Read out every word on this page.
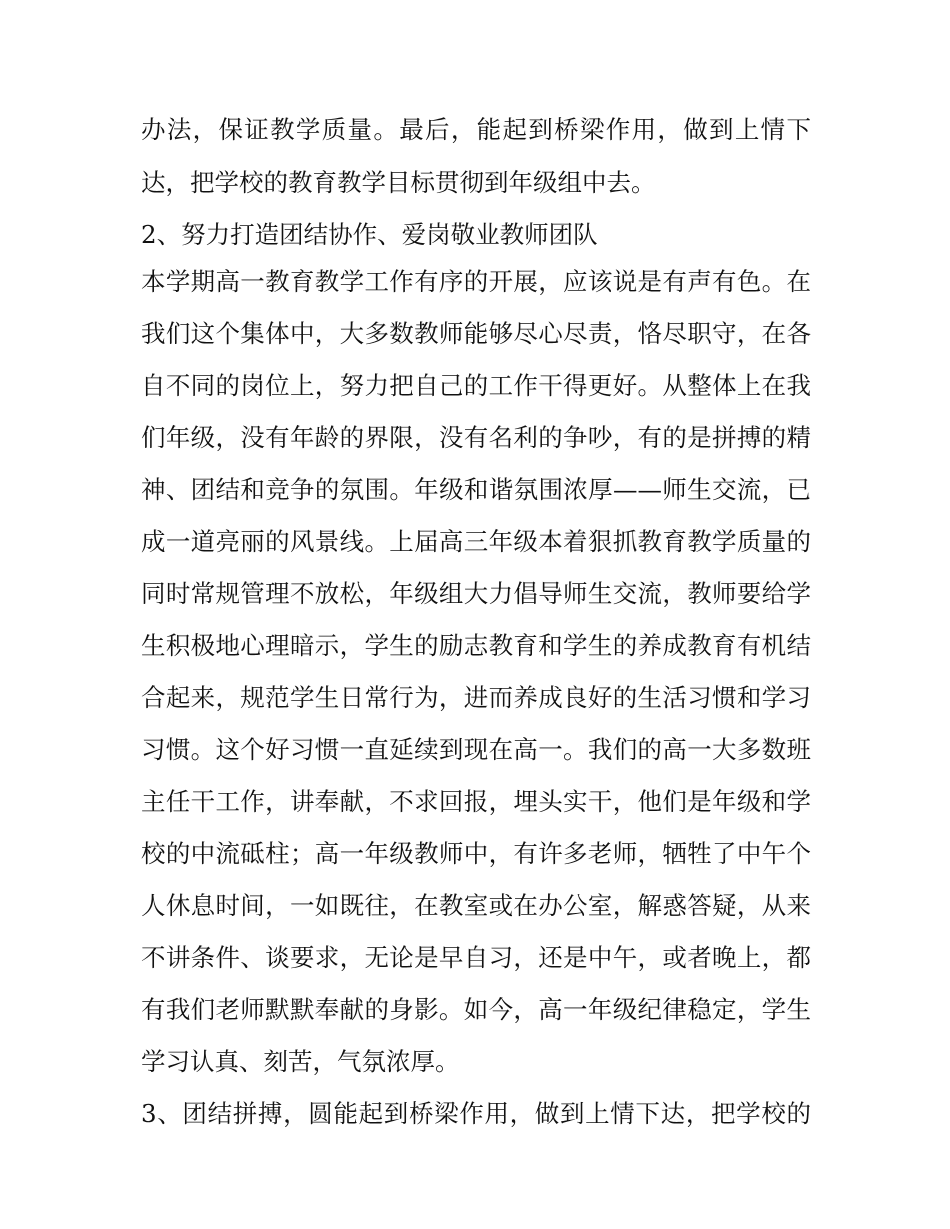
办法，保证教学质量。最后，能起到桥梁作用，做到上情下
达，把学校的教育教学目标贯彻到年级组中去。
2、努力打造团结协作、爱岗敬业教师团队
本学期高一教育教学工作有序的开展，应该说是有声有色。在
我们这个集体中，大多数教师能够尽心尽责，恪尽职守，在各
自不同的岗位上，努力把自己的工作干得更好。从整体上在我
们年级，没有年龄的界限，没有名利的争吵，有的是拼搏的精
神、团结和竞争的氛围。年级和谐氛围浓厚——师生交流，已
成一道亮丽的风景线。上届高三年级本着狠抓教育教学质量的
同时常规管理不放松，年级组大力倡导师生交流，教师要给学
生积极地心理暗示，学生的励志教育和学生的养成教育有机结
合起来，规范学生日常行为，进而养成良好的生活习惯和学习
习惯。这个好习惯一直延续到现在高一。我们的高一大多数班
主任干工作，讲奉献，不求回报，埋头实干，他们是年级和学
校的中流砥柱；高一年级教师中，有许多老师，牺牲了中午个
人休息时间，一如既往，在教室或在办公室，解惑答疑，从来
不讲条件、谈要求，无论是早自习，还是中午，或者晚上，都
有我们老师默默奉献的身影。如今，高一年级纪律稳定，学生
学习认真、刻苦，气氛浓厚。
3、团结拼搏，圆能起到桥梁作用，做到上情下达，把学校的
